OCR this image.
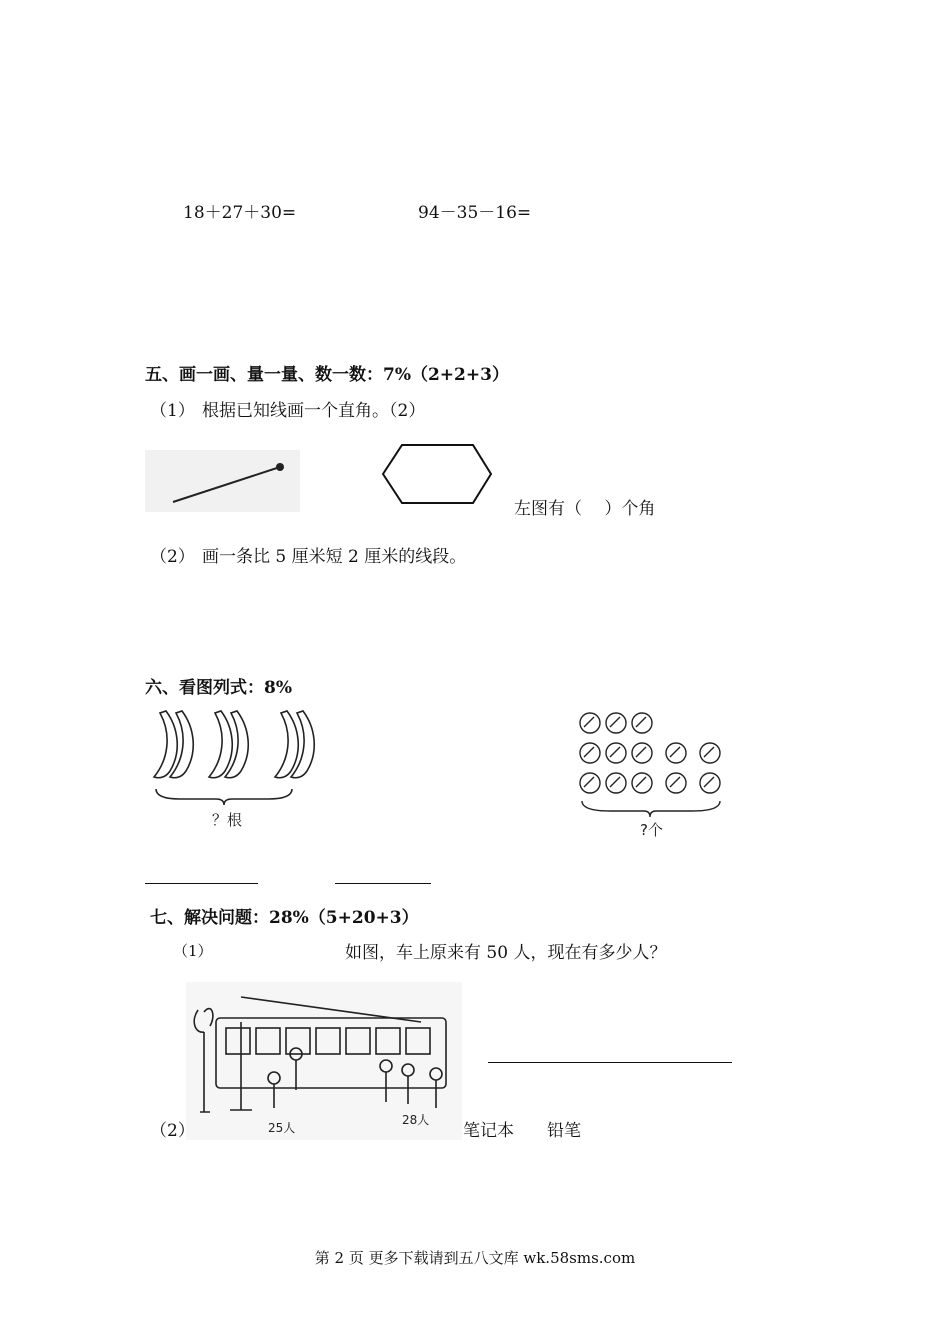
18＋27＋30=	94－35－16=
五、画一画、量一量、数一数：7%（2+2+3）
（1） 根据已知线画一个直角。（2）
左图有（　 ）个角
（2） 画一条比 5 厘米短 2 厘米的线段。
六、看图列式：8%
？根
?个
七、解决问题：28%（5+20+3）
（1）	如图，车上原来有 50 人，现在有多少人？
25人
28人
（2）	笔记本 铅笔
第 2 页 更多下载请到五八文库 wk.58sms.com
